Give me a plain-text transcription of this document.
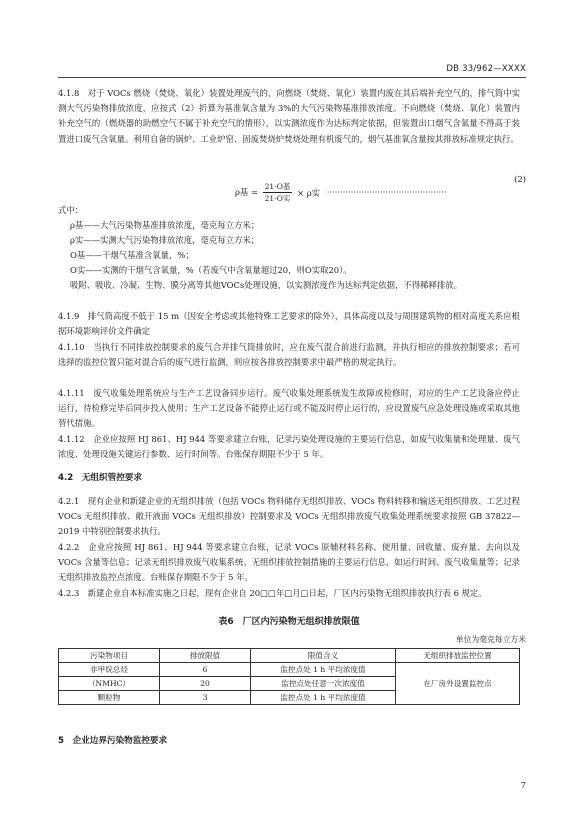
DB 33/962—XXXX
4.1.8　对于 VOCs 燃烧（焚烧、氧化）装置处理废气的，向燃烧（焚烧、氧化）装置内废在其后端补充空气的，排气筒中实测大气污染物排放浓度，应按式（2）折算为基准氧含量为 3%的大气污染物基准排放浓度。不向燃烧（焚烧、氧化）装置内补充空气的（燃烧器的助燃空气不属于补充空气的情形），以实测浓度作为达标判定依据，但装置出口烟气含氧量不得高于装置进口废气含氧量。利用自备的锅炉、工业炉窑、固废焚烧炉焚烧处理有机废气的，烟气基准氧含量按其排放标准规定执行。
ρ基 = $\frac{\text{21-O基}}{\text{21-O实}} \times \rho$实 ·············································
(2)
式中：
ρ基——大气污染物基准排放浓度，毫克每立方米；
ρ实——实测大气污染物排放浓度，毫克每立方米；
O基——干烟气基准含氧量，%；
O实——实测的干烟气含氧量，%（若废气中含氧量超过20，则O实取20）。
吸附、吸收、冷凝、生物、膜分离等其他VOCs处理设施，以实测浓度作为达标判定依据，不得稀释排放。
4.1.9　排气筒高度不低于 15 m（因安全考虑或其他特殊工艺要求的除外），具体高度以及与周围建筑物的相对高度关系应根据环境影响评价文件确定
4.1.10　当执行不同排放控制要求的废气合并排气筒排放时，应在废气混合前进行监测，并执行相应的排放控制要求；若可选择的监控位置只能对混合后的废气进行监测，则应按各排放控制要求中最严格的规定执行。
4.1.11　废气收集处理系统应与生产工艺设备同步运行。废气收集处理系统发生故障或检修时，对应的生产工艺设备应停止运行，待检修完毕后同步投入使用；生产工艺设备不能停止运行或不能及时停止运行的，应设置废气应急处理设施或采取其他替代措施。
4.1.12　企业应按照 HJ 861、HJ 944 等要求建立台账，记录污染处理设施的主要运行信息，如废气收集量和处理量、废气浓度、处理设施关键运行参数、运行时间等。台账保存期限不少于 5 年。
4.2　无组织管控要求
4.2.1　现有企业和新建企业的无组织排放（包括 VOCs 物料储存无组织排放、VOCs 物料转移和输送无组织排放、工艺过程 VOCs 无组织排放、敞开液面 VOCs 无组织排放）控制要求及 VOCs 无组织排放废气收集处理系统要求按照 GB 37822—2019 中特别控制要求执行。
4.2.2　企业应按照 HJ 861、HJ 944 等要求建立台账，记录 VOCs 原辅材料名称、使用量、回收量、废弃量、去向以及 VOCs 含量等信息；记录无组织排放废气收集系统、无组织排放控制措施的主要运行信息，如运行时间、废气收集量等；记录无组织排放监控点浓度。台账保存期限不少于 5 年。
4.2.3　新建企业自本标准实施之日起，现有企业自 20□□年□月□日起，厂区内污染物无组织排放执行表 6 规定。
表6　厂区内污染物无组织排放限值
单位为毫克每立方米
污染物项目	排放限值	限值含义	无组织排放监控位置
非甲烷总烃	6	监控点处 1 h 平均浓度值	在厂房外设置监控点
（NMHC）	20	监控点处任意一次浓度值	
颗粒物	3	监控点处 1 h 平均浓度值	
5　企业边界污染物监控要求
7
